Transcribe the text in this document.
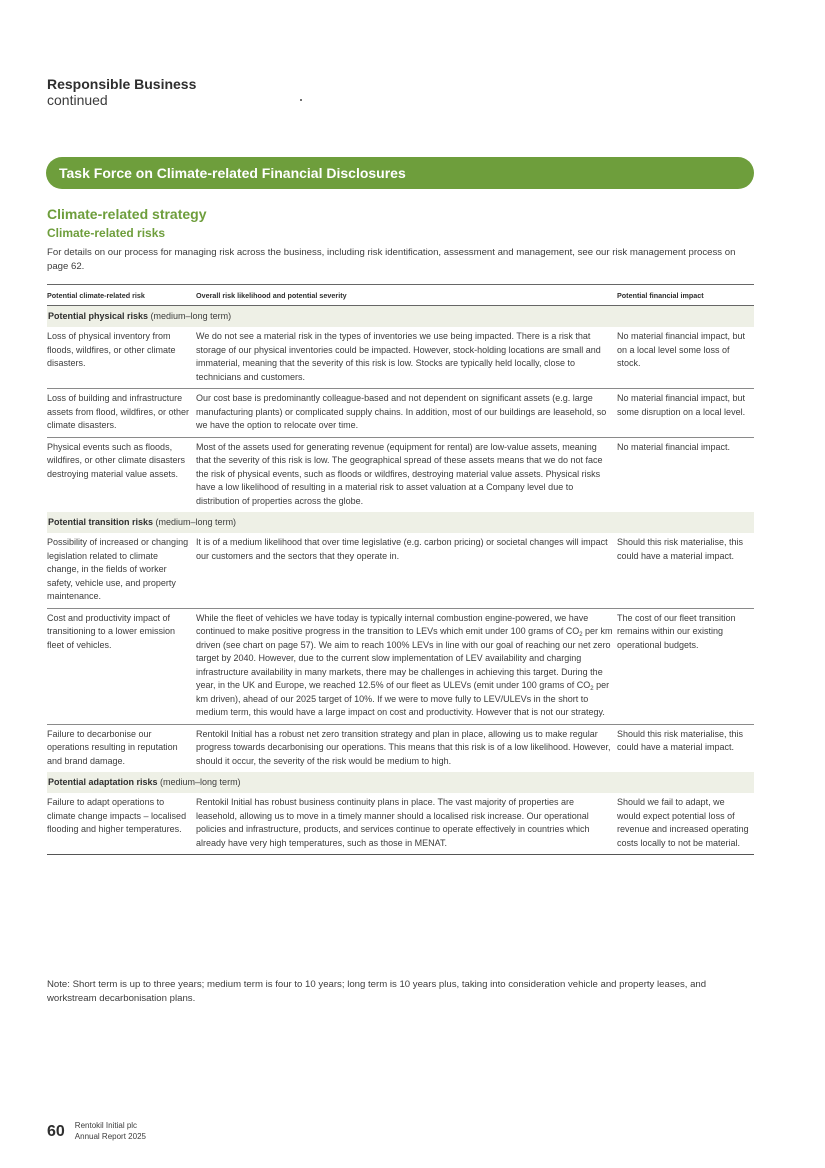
Responsible Business
continued
Task Force on Climate-related Financial Disclosures
Climate-related strategy
Climate-related risks
For details on our process for managing risk across the business, including risk identification, assessment and management, see our risk management process on page 62.
Potential climate-related risk	Overall risk likelihood and potential severity	Potential financial impact
Potential physical risks (medium–long term)		
Loss of physical inventory from floods, wildfires, or other climate disasters.	We do not see a material risk in the types of inventories we use being impacted. There is a risk that storage of our physical inventories could be impacted. However, stock-holding locations are small and immaterial, meaning that the severity of this risk is low. Stocks are typically held locally, close to technicians and customers.	No material financial impact, but on a local level some loss of stock.
Loss of building and infrastructure assets from flood, wildfires, or other climate disasters.	Our cost base is predominantly colleague-based and not dependent on significant assets (e.g. large manufacturing plants) or complicated supply chains. In addition, most of our buildings are leasehold, so we have the option to relocate over time.	No material financial impact, but some disruption on a local level.
Physical events such as floods, wildfires, or other climate disasters destroying material value assets.	Most of the assets used for generating revenue (equipment for rental) are low-value assets, meaning that the severity of this risk is low. The geographical spread of these assets means that we do not face the risk of physical events, such as floods or wildfires, destroying material value assets. Physical risks have a low likelihood of resulting in a material risk to asset valuation at a Company level due to distribution of properties across the globe.	No material financial impact.
Potential transition risks (medium–long term)		
Possibility of increased or changing legislation related to climate change, in the fields of worker safety, vehicle use, and property maintenance.	It is of a medium likelihood that over time legislative (e.g. carbon pricing) or societal changes will impact our customers and the sectors that they operate in.	Should this risk materialise, this could have a material impact.
Cost and productivity impact of transitioning to a lower emission fleet of vehicles.	While the fleet of vehicles we have today is typically internal combustion engine-powered, we have continued to make positive progress in the transition to LEVs which emit under 100 grams of $CO_2$ per km driven (see chart on page 57). We aim to reach 100% LEVs in line with our goal of reaching our net zero target by 2040. However, due to the current slow implementation of LEV availability and charging infrastructure availability in many markets, there may be challenges in achieving this target. During the year, in the UK and Europe, we reached 12.5% of our fleet as ULEVs (emit under 100 grams of $CO_2$ per km driven), ahead of our 2025 target of 10%. If we were to move fully to LEV/ULEVs in the short to medium term, this would have a large impact on cost and productivity. However that is not our strategy.	The cost of our fleet transition remains within our existing operational budgets.
Failure to decarbonise our operations resulting in reputation and brand damage.	Rentokil Initial has a robust net zero transition strategy and plan in place, allowing us to make regular progress towards decarbonising our operations. This means that this risk is of a low likelihood. However, should it occur, the severity of the risk would be medium to high.	Should this risk materialise, this could have a material impact.
Potential adaptation risks (medium–long term)		
Failure to adapt operations to climate change impacts – localised flooding and higher temperatures.	Rentokil Initial has robust business continuity plans in place. The vast majority of properties are leasehold, allowing us to move in a timely manner should a localised risk increase. Our operational policies and infrastructure, products, and services continue to operate effectively in countries which already have very high temperatures, such as those in MENAT.	Should we fail to adapt, we would expect potential loss of revenue and increased operating costs locally to not be material.
Note: Short term is up to three years; medium term is four to 10 years; long term is 10 years plus, taking into consideration vehicle and property leases, and workstream decarbonisation plans.
60 Rentokil Initial plc
Annual Report 2025
